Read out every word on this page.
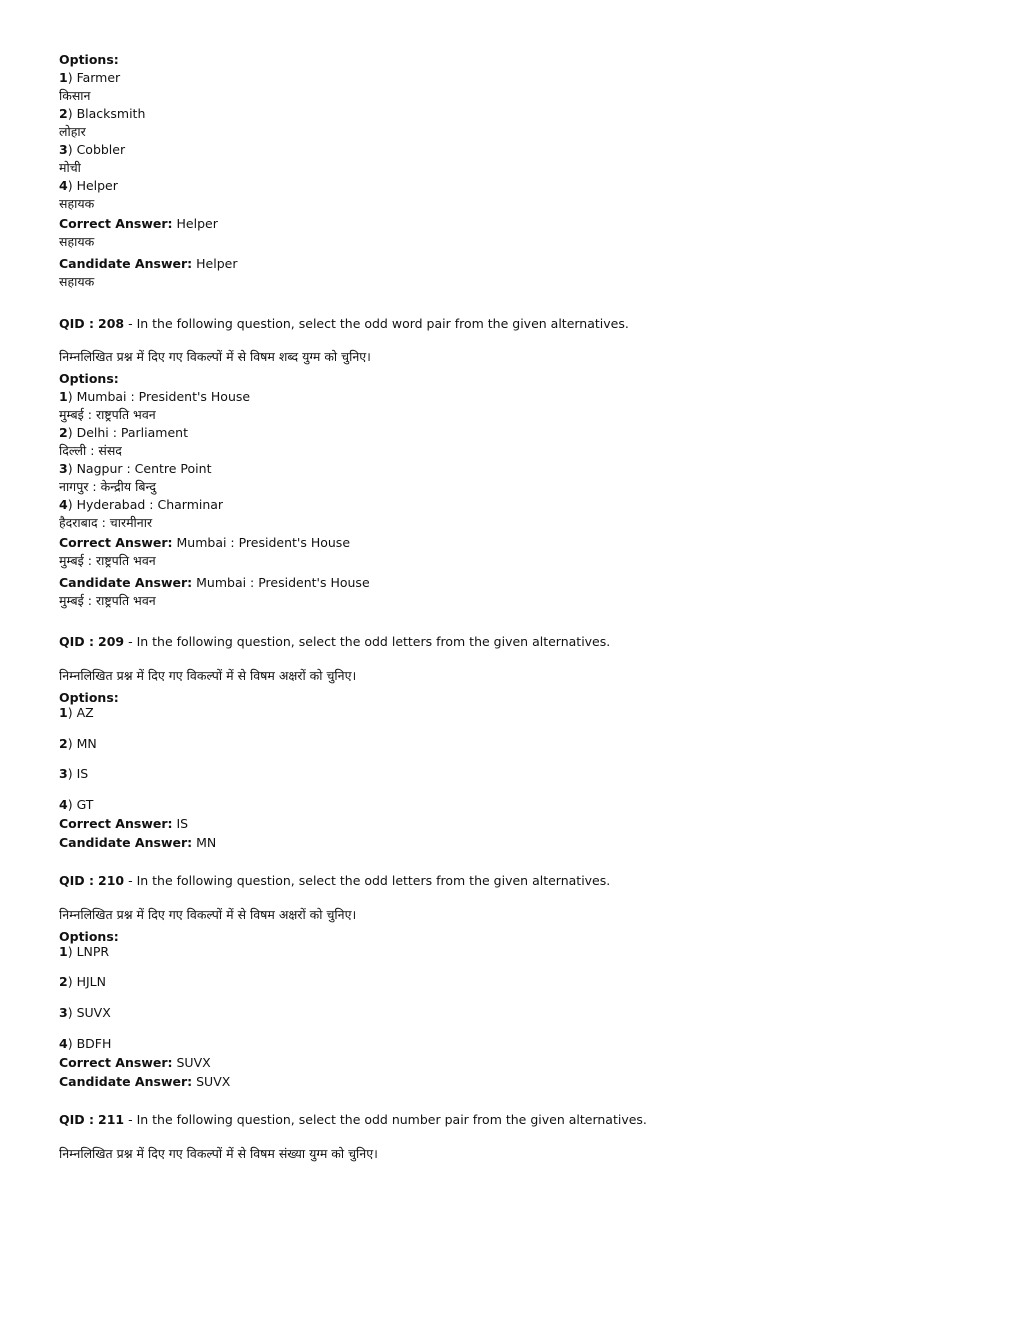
Options:
1) Farmer
किसान
2) Blacksmith
लोहार
3) Cobbler
मोची
4) Helper
सहायक
Correct Answer: Helper
सहायक
Candidate Answer: Helper
सहायक
QID : 208 - In the following question, select the odd word pair from the given alternatives.
निम्नलिखित प्रश्न में दिए गए विकल्पों में से विषम शब्द युग्म को चुनिए।
Options:
1) Mumbai : President's House
मुम्बई : राष्ट्रपति भवन
2) Delhi : Parliament
दिल्ली : संसद
3) Nagpur : Centre Point
नागपुर : केन्द्रीय बिन्दु
4) Hyderabad : Charminar
हैदराबाद : चारमीनार
Correct Answer: Mumbai : President's House
मुम्बई : राष्ट्रपति भवन
Candidate Answer: Mumbai : President's House
मुम्बई : राष्ट्रपति भवन
QID : 209 - In the following question, select the odd letters from the given alternatives.
निम्नलिखित प्रश्न में दिए गए विकल्पों में से विषम अक्षरों को चुनिए।
Options:
1) AZ
2) MN
3) IS
4) GT
Correct Answer: IS
Candidate Answer: MN
QID : 210 - In the following question, select the odd letters from the given alternatives.
निम्नलिखित प्रश्न में दिए गए विकल्पों में से विषम अक्षरों को चुनिए।
Options:
1) LNPR
2) HJLN
3) SUVX
4) BDFH
Correct Answer: SUVX
Candidate Answer: SUVX
QID : 211 - In the following question, select the odd number pair from the given alternatives.
निम्नलिखित प्रश्न में दिए गए विकल्पों में से विषम संख्या युग्म को चुनिए।
